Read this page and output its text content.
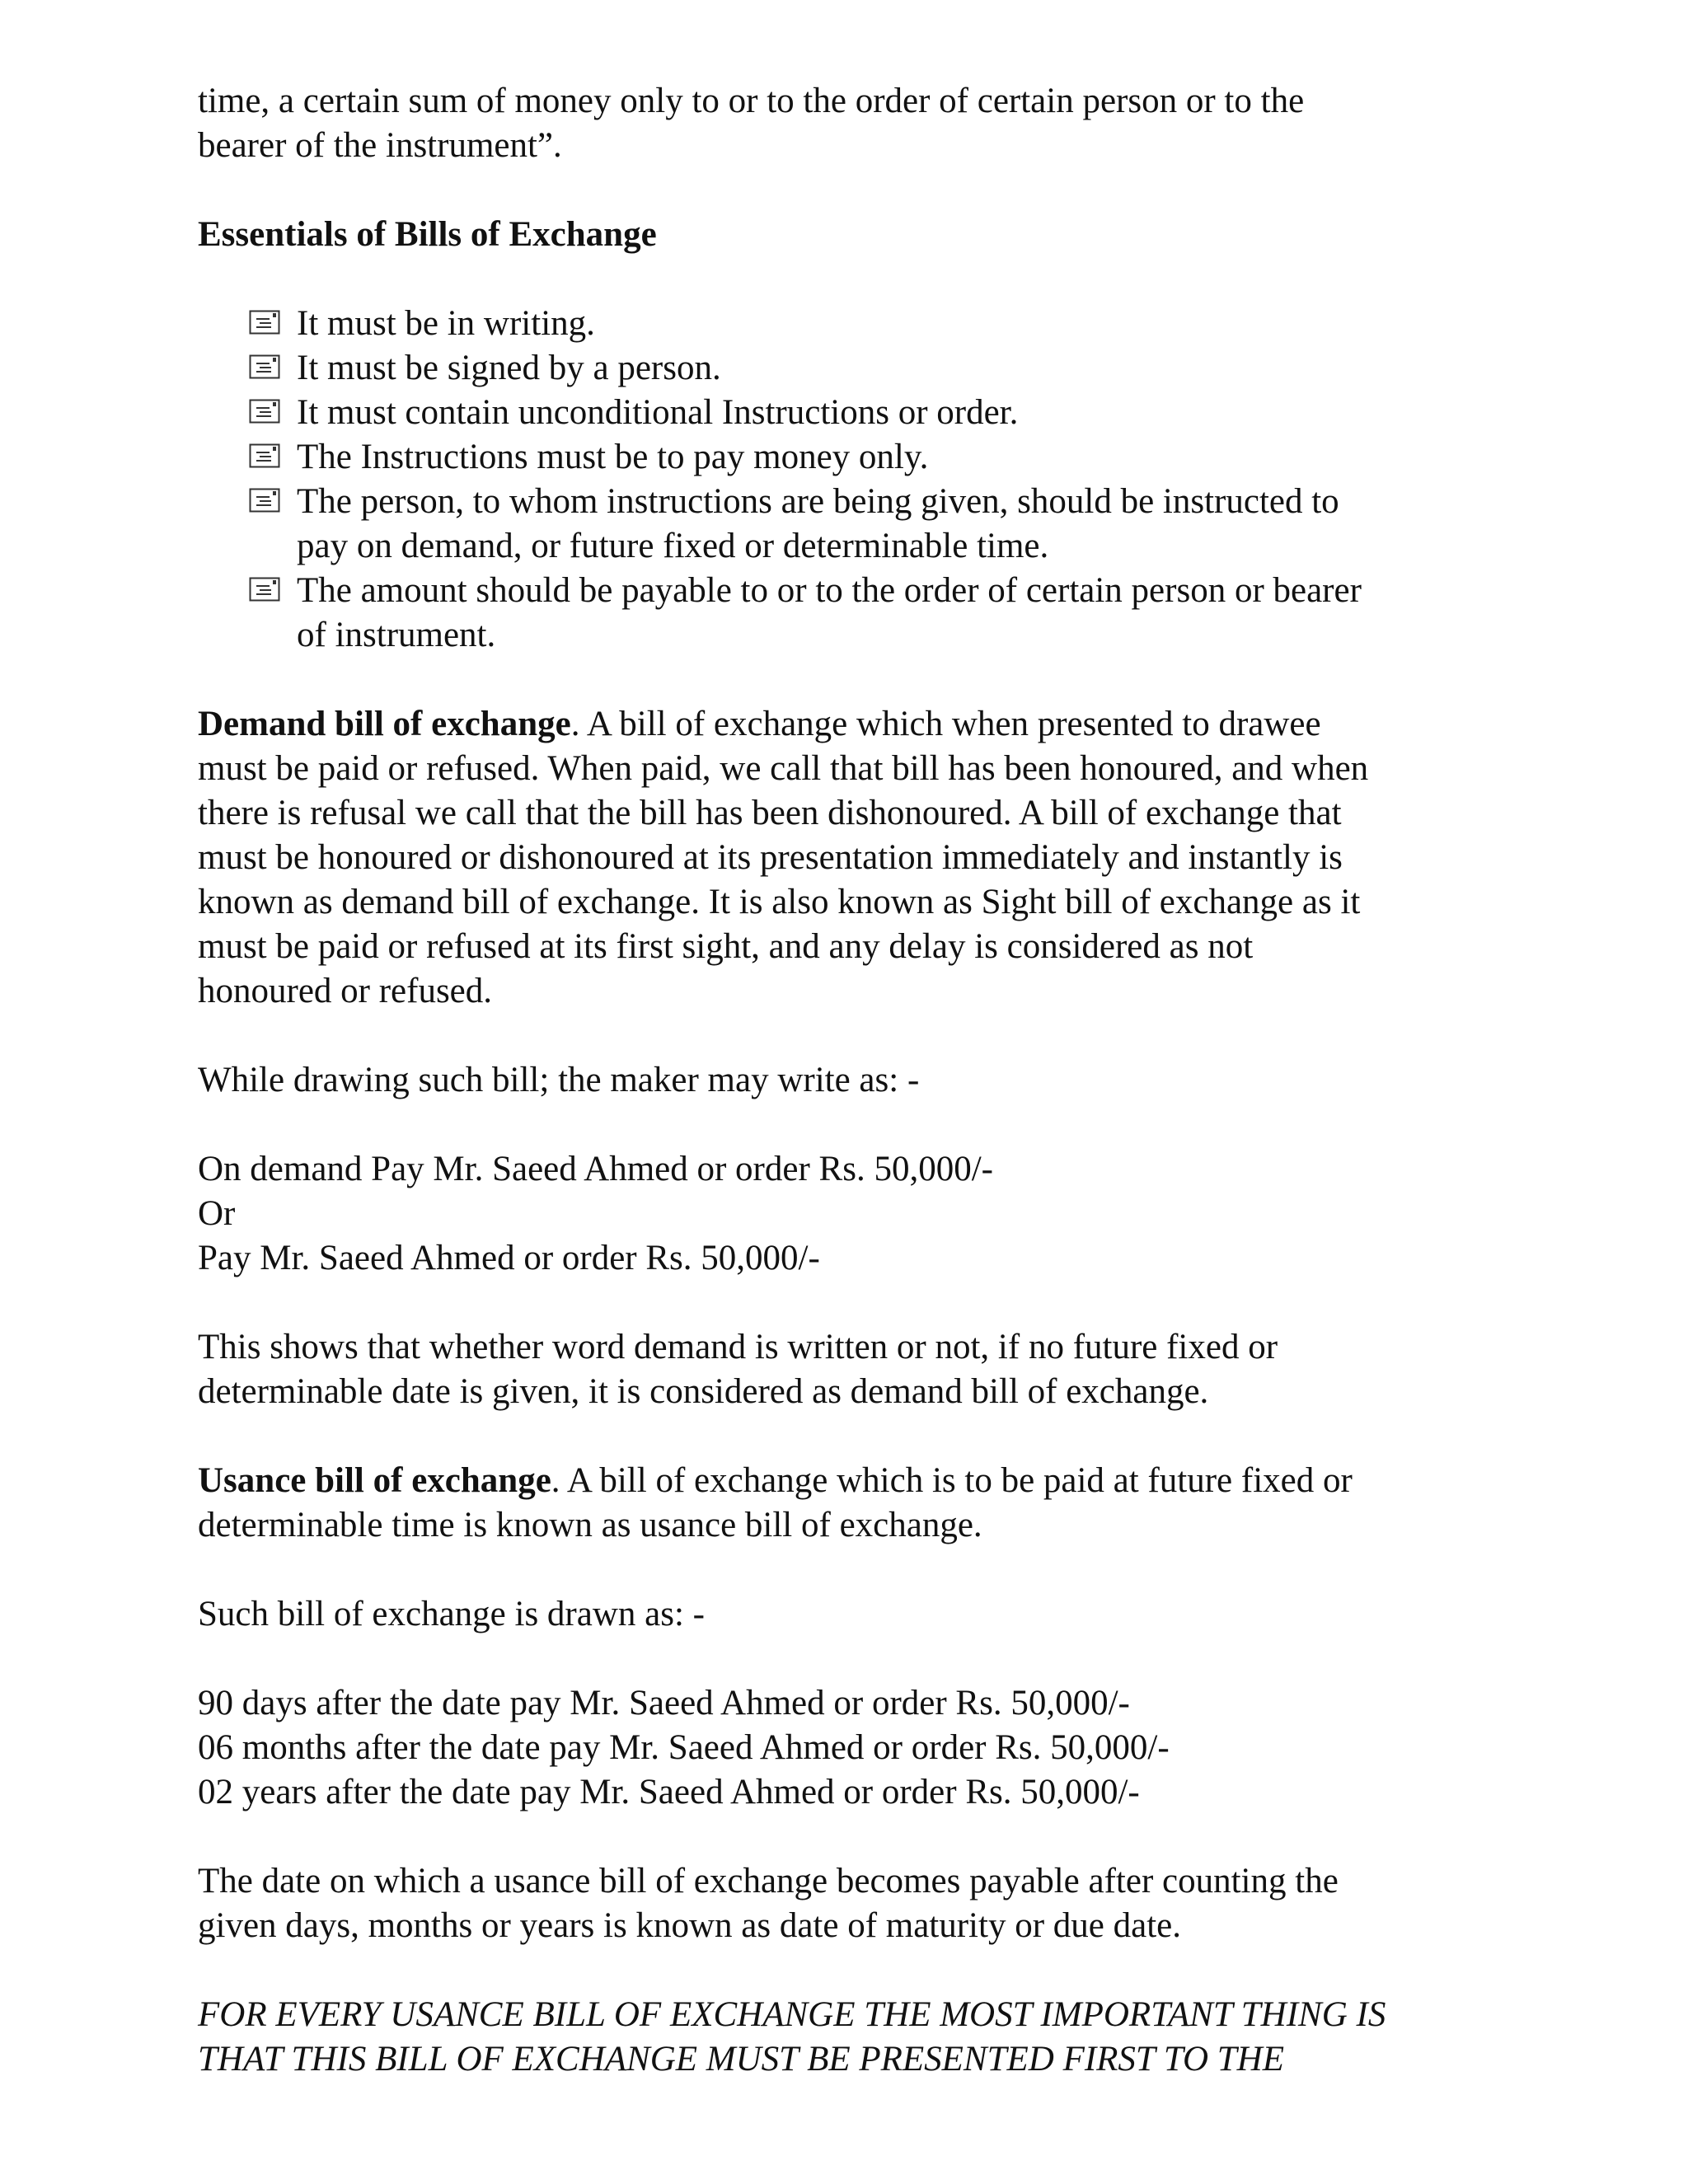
time, a certain sum of money only to or to the order of certain person or to the

bearer of the instrument”.

Essentials of Bills of Exchange

It must be in writing.
It must be signed by a person.
It must contain unconditional Instructions or order.
The Instructions must be to pay money only.
The person, to whom instructions are being given, should be instructed to
pay on demand, or future fixed or determinable time.
The amount should be payable to or to the order of certain person or bearer
of instrument.

Demand bill of exchange. A bill of exchange which when presented to drawee

must be paid or refused. When paid, we call that bill has been honoured, and when

there is refusal we call that the bill has been dishonoured. A bill of exchange that

must be honoured or dishonoured at its presentation immediately and instantly is

known as demand bill of exchange. It is also known as Sight bill of exchange as it

must be paid or refused at its first sight, and any delay is considered as not

honoured or refused.

While drawing such bill; the maker may write as: -

On demand Pay Mr. Saeed Ahmed or order Rs. 50,000/-

Or

Pay Mr. Saeed Ahmed or order Rs. 50,000/-

This shows that whether word demand is written or not, if no future fixed or

determinable date is given, it is considered as demand bill of exchange.

Usance bill of exchange. A bill of exchange which is to be paid at future fixed or

determinable time is known as usance bill of exchange.

Such bill of exchange is drawn as: -

90 days after the date pay Mr. Saeed Ahmed or order Rs. 50,000/-

06 months after the date pay Mr. Saeed Ahmed or order Rs. 50,000/-

02 years after the date pay Mr. Saeed Ahmed or order Rs. 50,000/-

The date on which a usance bill of exchange becomes payable after counting the

given days, months or years is known as date of maturity or due date.

FOR EVERY USANCE BILL OF EXCHANGE THE MOST IMPORTANT THING IS

THAT THIS BILL OF EXCHANGE MUST BE PRESENTED FIRST TO THE
